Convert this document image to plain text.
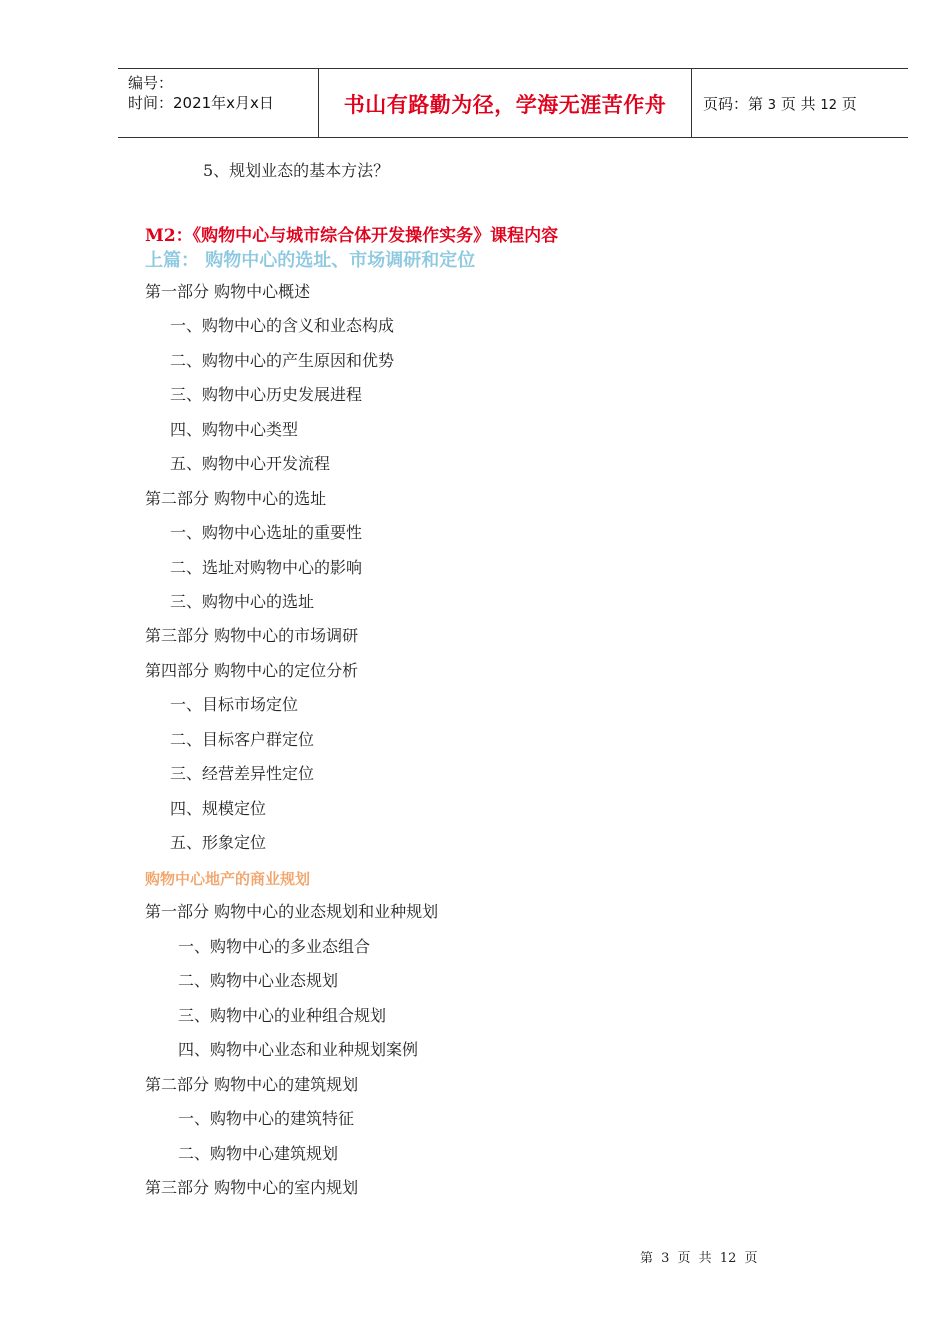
编号：
时间：2021年x月x日	书山有路勤为径，学海无涯苦作舟	页码：第 3 页 共 12 页
5、规划业态的基本方法？
M2：《购物中心与城市综合体开发操作实务》课程内容
上篇： 购物中心的选址、市场调研和定位
第一部分 购物中心概述
一、购物中心的含义和业态构成
二、购物中心的产生原因和优势
三、购物中心历史发展进程
四、购物中心类型
五、购物中心开发流程
第二部分 购物中心的选址
一、购物中心选址的重要性
二、选址对购物中心的影响
三、购物中心的选址
第三部分 购物中心的市场调研
第四部分 购物中心的定位分析
一、目标市场定位
二、目标客户群定位
三、经营差异性定位
四、规模定位
五、形象定位
购物中心地产的商业规划
第一部分 购物中心的业态规划和业种规划
一、购物中心的多业态组合
二、购物中心业态规划
三、购物中心的业种组合规划
四、购物中心业态和业种规划案例
第二部分 购物中心的建筑规划
一、购物中心的建筑特征
二、购物中心建筑规划
第三部分 购物中心的室内规划
第 3 页 共 12 页
